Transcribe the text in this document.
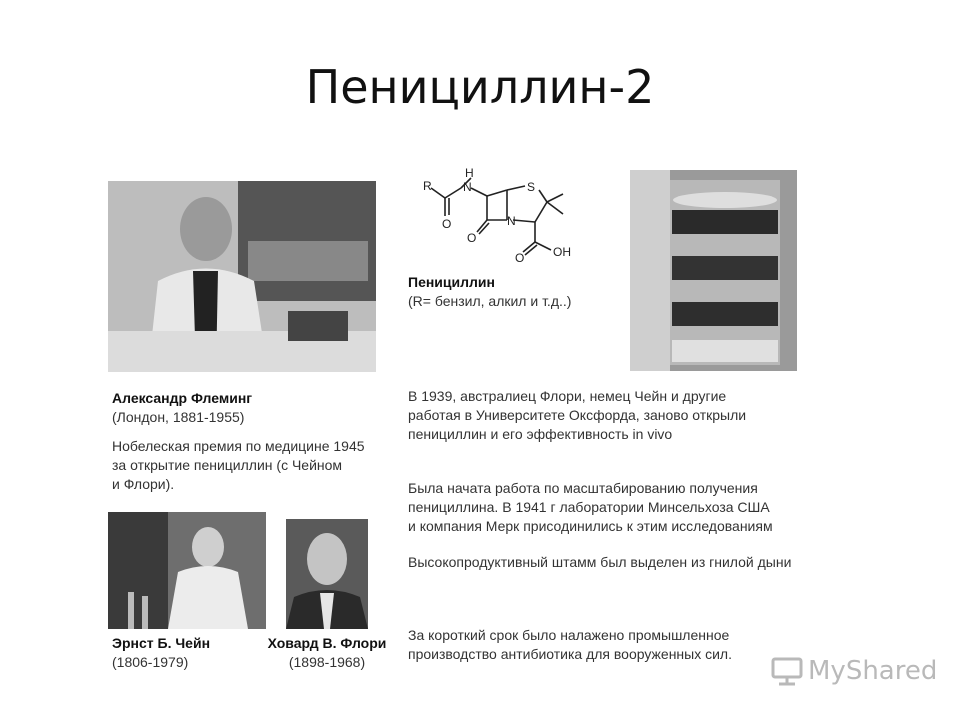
Пенициллин-2
R
H
N	S
N
O
O
O OH
Пенициллин
(R= бензил, алкил и т.д..)
Александр Флеминг
(Лондон, 1881-1955)
Нобелеская премия по медицине 1945
за открытие пенициллин (с Чейном
и Флори).
Эрнст Б. Чейн
(1806-1979)
Ховард В. Флори
(1898-1968)
В 1939, австралиец Флори, немец Чейн и другие
работая в Университете Оксфорда, заново открыли
пенициллин и его эффективность in vivo
Была начата работа по масштабированию получения
пенициллина. В 1941 г лаборатории Минсельхоза США
и компания Мерк присодинились к этим исследованиям
Высокопродуктивный штамм был выделен из гнилой дыни
За короткий срок было налажено промышленное
производство антибиотика для вооруженных сил.
MyShared
